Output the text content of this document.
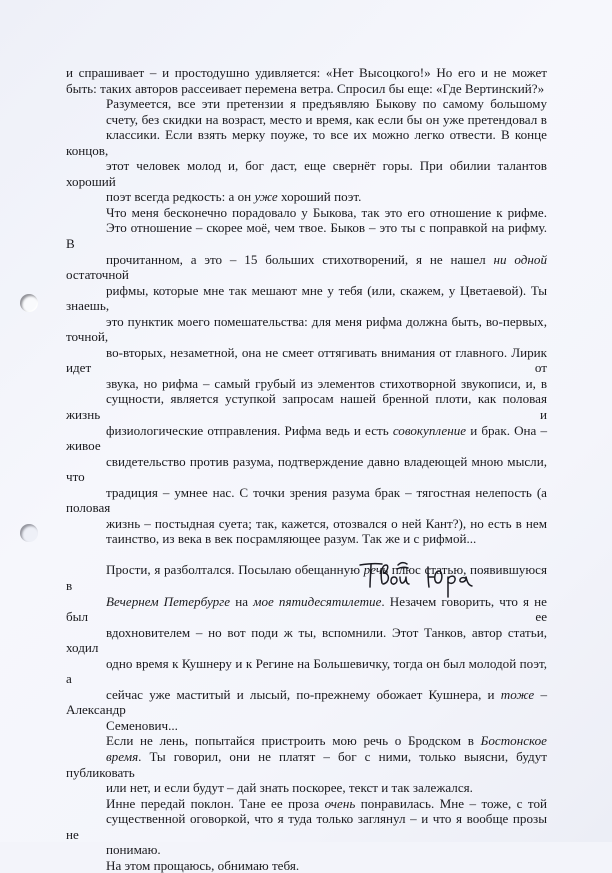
и спрашивает – и простодушно удивляется: «Нет Высоцкого!» Но его и не может
быть: таких авторов рассеивает перемена ветра. Спросил бы еще: «Где Вертинский?»

Разумеется, все эти претензии я предъявляю Быкову по самому большому
счету, без скидки на возраст, место и время, как если бы он уже претендовал в
классики. Если взять мерку поуже, то все их можно легко отвести. В конце концов,
этот человек молод и, бог даст, еще свернёт горы. При обилии талантов хороший
поэт всегда редкость: а он уже хороший поэт.

Что меня бесконечно порадовало у Быкова, так это его отношение к рифме.
Это отношение – скорее моё, чем твое. Быков – это ты с поправкой на рифму. В
прочитанном, а это – 15 больших стихотворений, я не нашел ни одной остаточной
рифмы, которые мне так мешают мне у тебя (или, скажем, у Цветаевой). Ты знаешь,
это пунктик моего помешательства: для меня рифма должна быть, во-первых, точной,
во-вторых, незаметной, она не смеет оттягивать внимания от главного. Лирик идет от
звука, но рифма – самый грубый из элементов стихотворной звукописи, и, в
сущности, является уступкой запросам нашей бренной плоти, как половая жизнь и
физиологические отправления. Рифма ведь и есть совокупление и брак. Она – живое
свидетельство против разума, подтверждение давно владеющей мною мысли, что
традиция – умнее нас. С точки зрения разума брак – тягостная нелепость (а половая
жизнь – постыдная суета; так, кажется, отозвался о ней Кант?), но есть в нем
таинство, из века в век посрамляющее разум. Так же и с рифмой...

Прости, я разболтался. Посылаю обещанную речь плюс статью, появившуюся в
Вечернем Петербурге на мое пятидесятилетие. Незачем говорить, что я не был ее
вдохновителем – но вот поди ж ты, вспомнили. Этот Танков, автор статьи, ходил
одно время к Кушнеру и к Регине на Большевичку, тогда он был молодой поэт, а
сейчас уже маститый и лысый, по-прежнему обожает Кушнера, и тоже – Александр
Семенович...

Если не лень, попытайся пристроить мою речь о Бродском в Бостонское
время. Ты говорил, они не платят – бог с ними, только выясни, будут публиковать
или нет, и если будут – дай знать поскорее, текст и так залежался.

Инне передай поклон. Тане ее проза очень понравилась. Мне – тоже, с той
существенной оговоркой, что я туда только заглянул – и что я вообще прозы не
понимаю.

На этом прощаюсь, обнимаю тебя.
